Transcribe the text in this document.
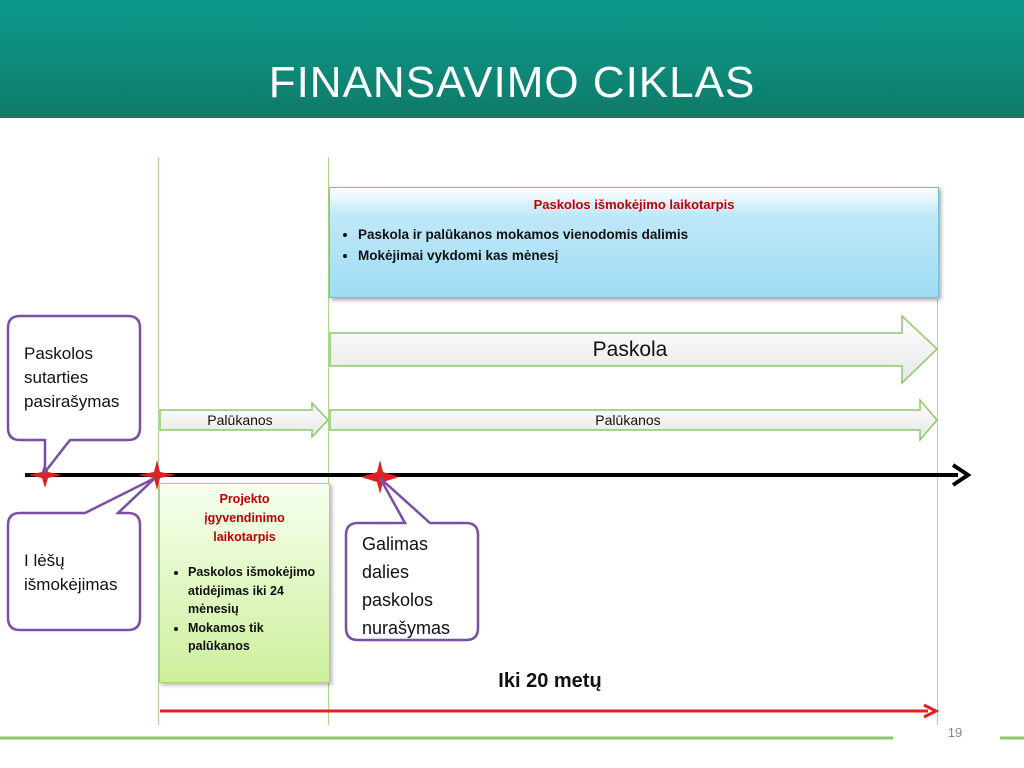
FINANSAVIMO CIKLAS
Paskolos išmokėjimo laikotarpis
• Paskola ir palūkanos mokamos vienodomis dalimis
• Mokėjimai vykdomi kas mėnesį
Paskola
Palūkanos	Palūkanos
Paskolos
sutarties
pasirašymas
I lėšų
išmokėjimas
Galimas
dalies
paskolos
nurašymas
Projekto
įgyvendinimo
laikotarpis
• Paskolos išmokėjimo atidėjimas iki 24 mėnesių
• Mokamos tik palūkanos
Iki 20 metų
19
